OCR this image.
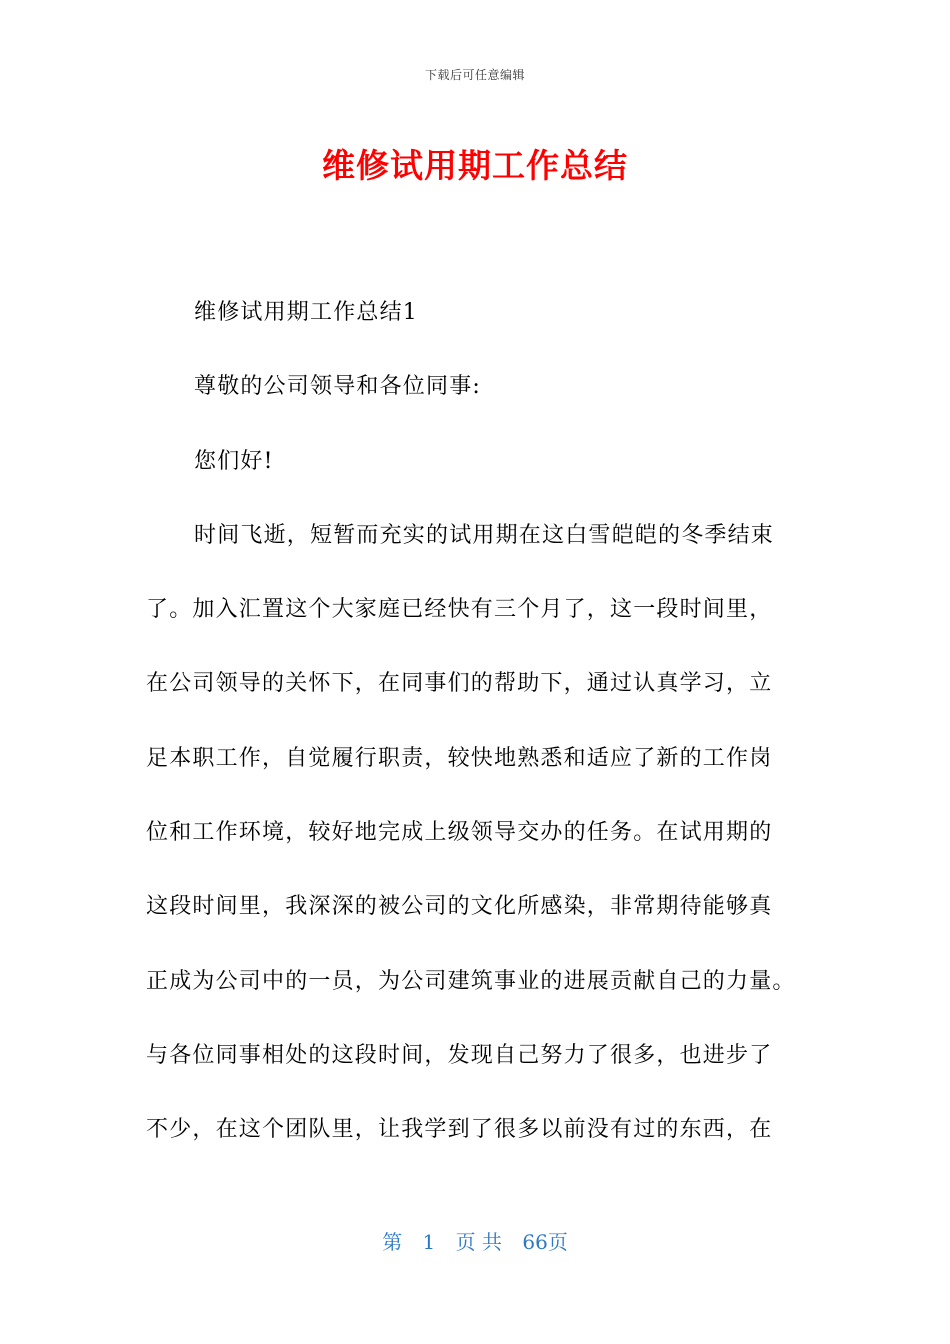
下载后可任意编辑
维修试用期工作总结

维修试用期工作总结1

尊敬的公司领导和各位同事:

您们好!

时间飞逝，短暂而充实的试用期在这白雪皑皑的冬季结束

了。加入汇置这个大家庭已经快有三个月了，这一段时间里，

在公司领导的关怀下，在同事们的帮助下，通过认真学习，立

足本职工作，自觉履行职责，较快地熟悉和适应了新的工作岗

位和工作环境，较好地完成上级领导交办的任务。在试用期的

这段时间里，我深深的被公司的文化所感染，非常期待能够真

正成为公司中的一员，为公司建筑事业的进展贡献自己的力量。

与各位同事相处的这段时间，发现自己努力了很多，也进步了

不少，在这个团队里，让我学到了很多以前没有过的东西，在

第 1 页 共 66页
